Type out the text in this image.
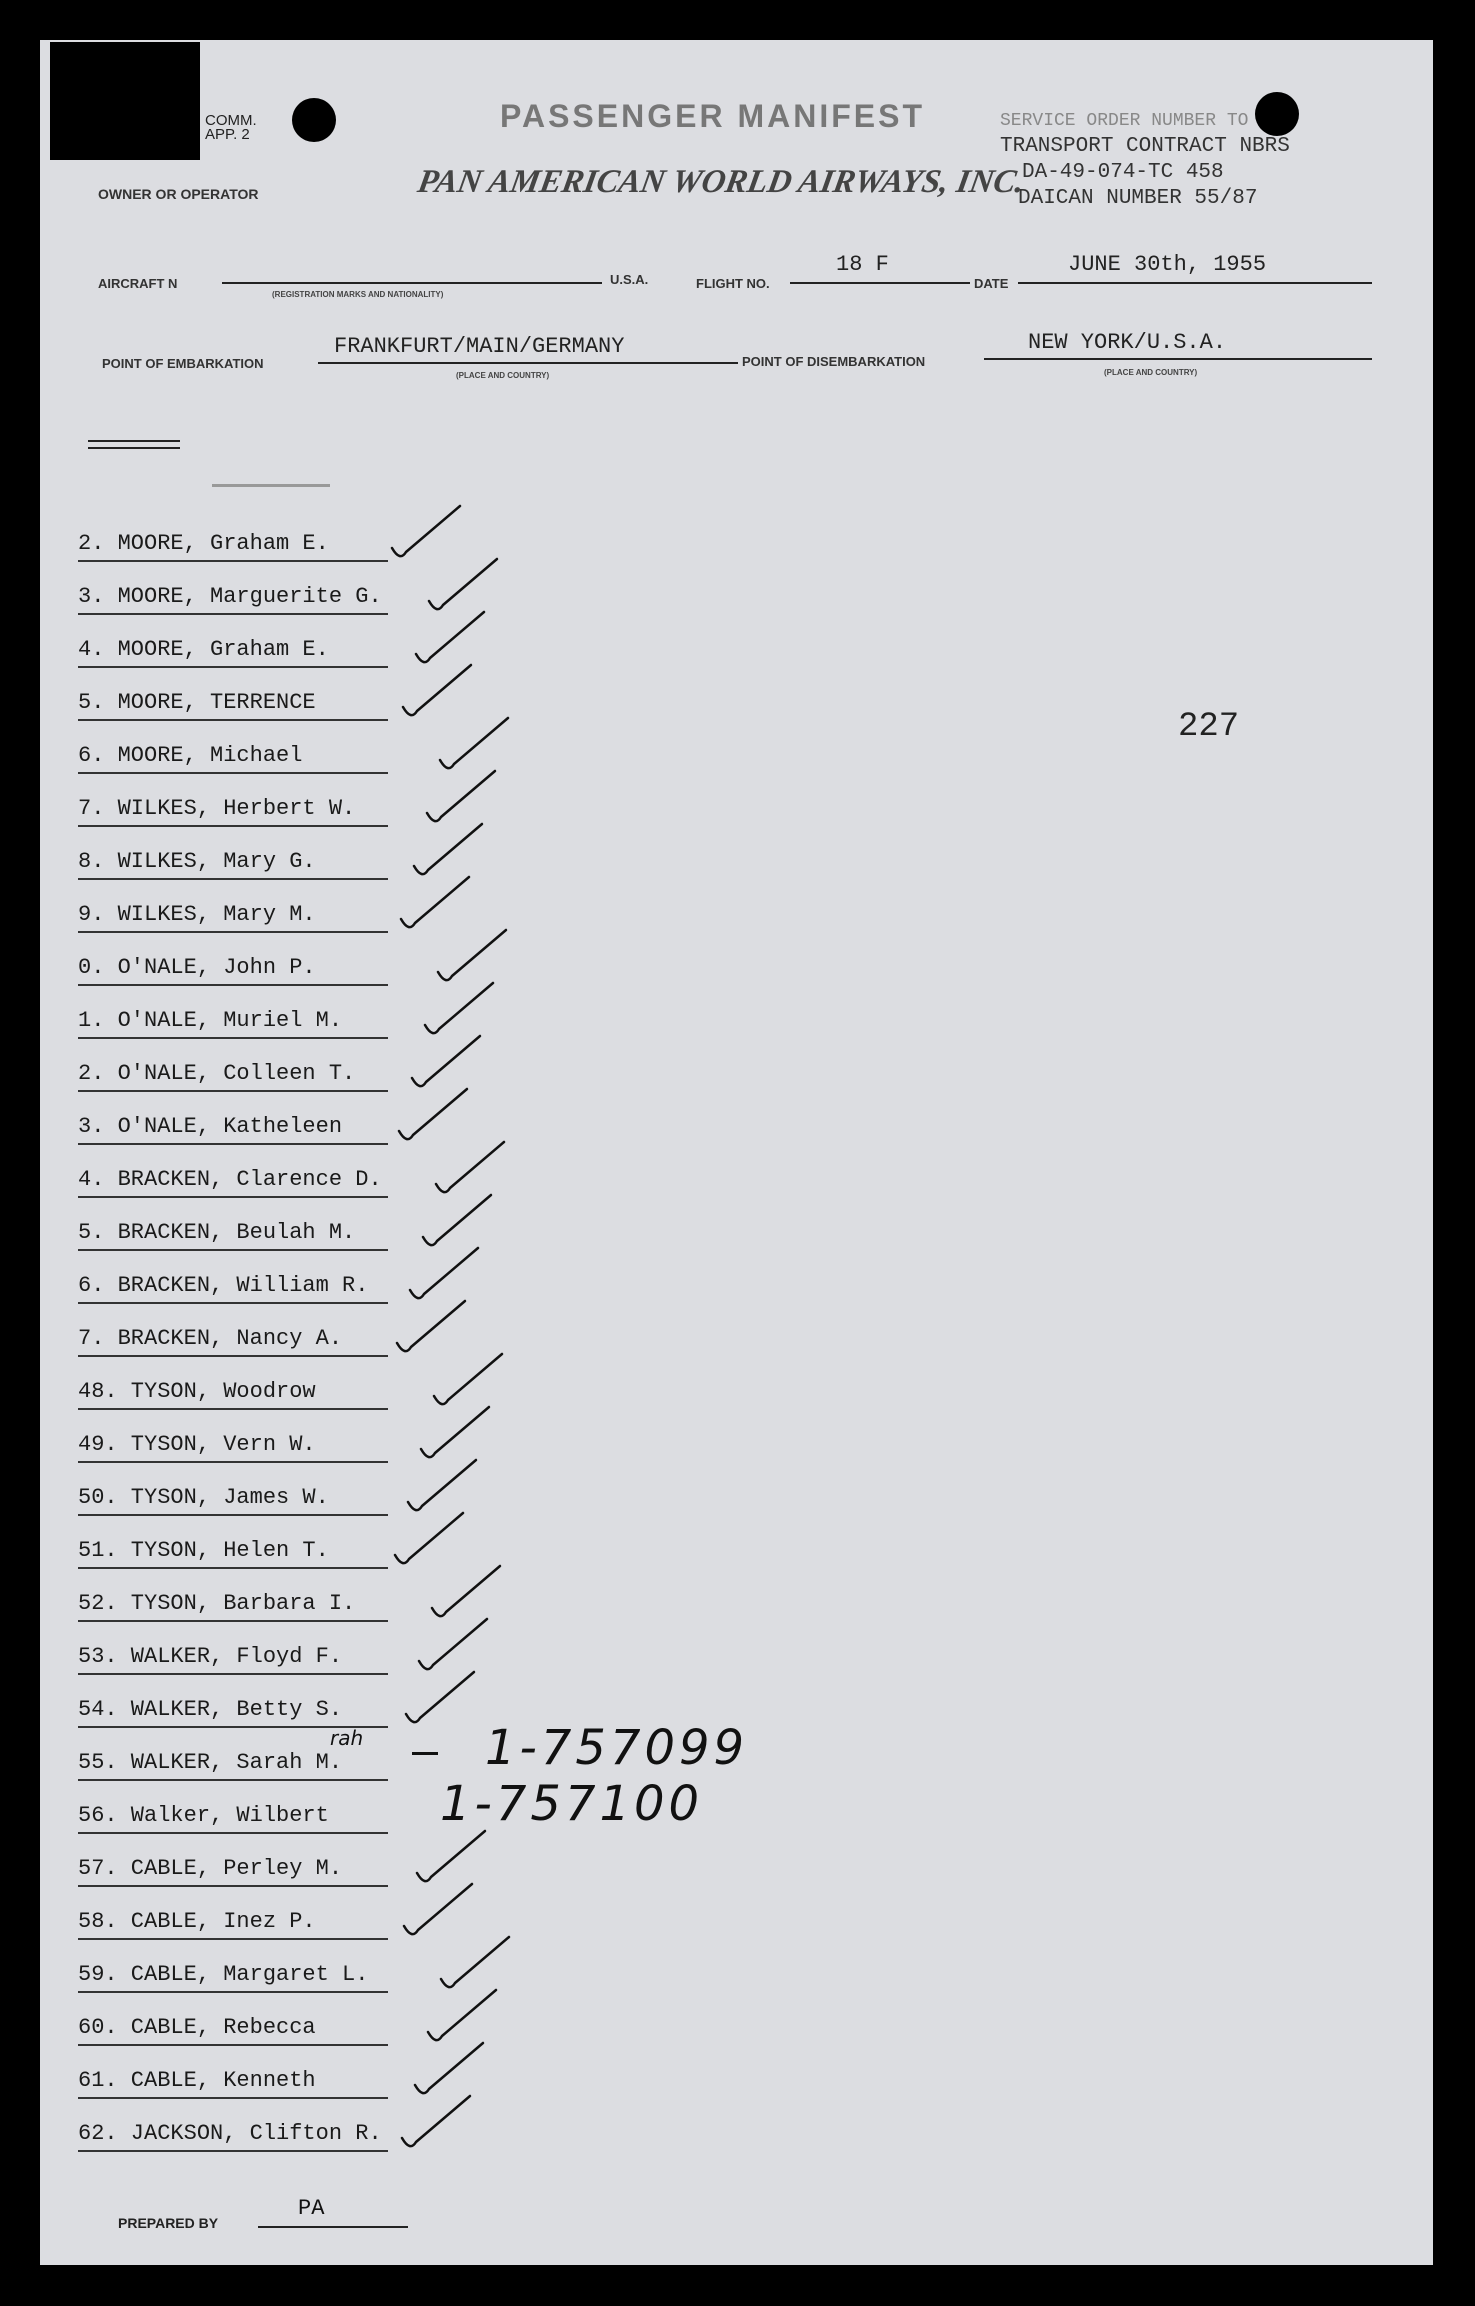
COMM.
APP. 2
PASSENGER MANIFEST
OWNER OR OPERATOR	PAN AMERICAN WORLD AIRWAYS, INC.
SERVICE ORDER NUMBER TO
TRANSPORT CONTRACT NBRS
DA-49-074-TC 458
DAICAN NUMBER 55/87
AIRCRAFT N
(REGISTRATION MARKS AND NATIONALITY)
U.S.A.	FLIGHT NO.
18 F
DATE
JUNE 30th, 1955
POINT OF EMBARKATION
FRANKFURT/MAIN/GERMANY
(PLACE AND COUNTRY)
POINT OF DISEMBARKATION
NEW YORK/U.S.A.
(PLACE AND COUNTRY)
227
2. MOORE, Graham E.
3. MOORE, Marguerite G.
4. MOORE, Graham E.
5. MOORE, TERRENCE
6. MOORE, Michael
7. WILKES, Herbert W.
8. WILKES, Mary G.
9. WILKES, Mary M.
0. O'NALE, John P.
1. O'NALE, Muriel M.
2. O'NALE, Colleen T.
3. O'NALE, Katheleen
4. BRACKEN, Clarence D.
5. BRACKEN, Beulah M.
6. BRACKEN, William R.
7. BRACKEN, Nancy A.
48. TYSON, Woodrow
49. TYSON, Vern W.
50. TYSON, James W.
51. TYSON, Helen T.
52. TYSON, Barbara I.
53. WALKER, Floyd F.
54. WALKER, Betty S.
55. WALKER, Sarah M.
56. Walker, Wilbert
57. CABLE, Perley M.
58. CABLE, Inez P.
59. CABLE, Margaret L.
60. CABLE, Rebecca
61. CABLE, Kenneth
62. JACKSON, Clifton R.
1-757099
1-757100
rah
PREPARED BY
PA
